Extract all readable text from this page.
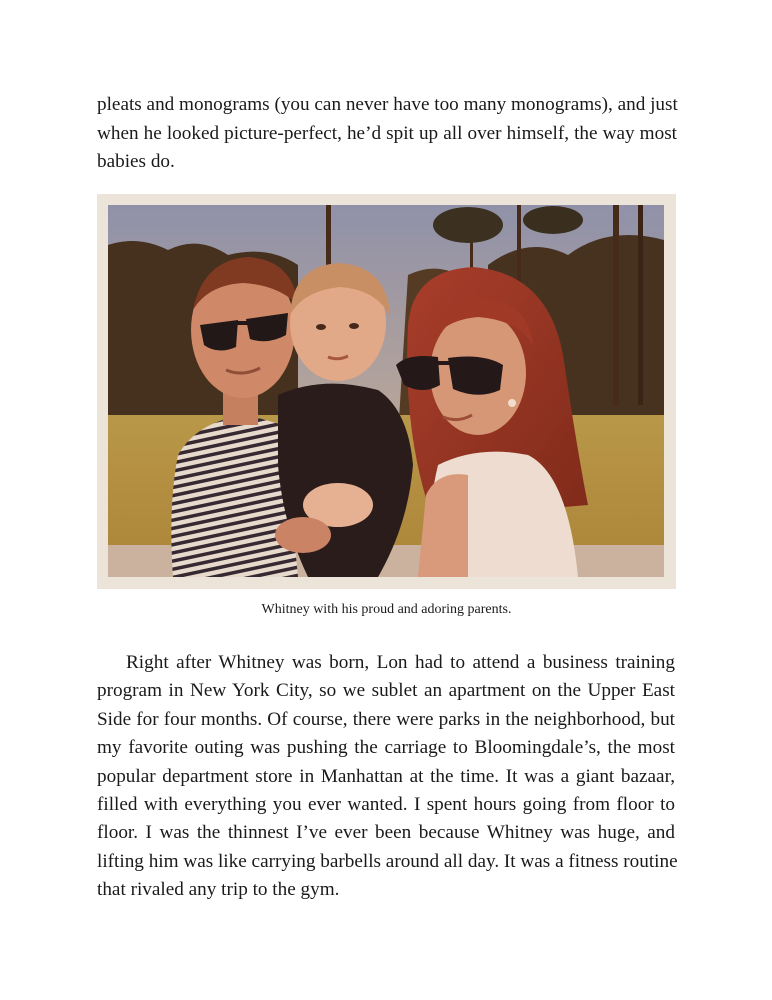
pleats and monograms (you can never have too many monograms), and just
when he looked picture-perfect, he’d spit up all over himself, the way most
babies do.

Whitney with his proud and adoring parents.

Right after Whitney was born, Lon had to attend a business training
program in New York City, so we sublet an apartment on the Upper East
Side for four months. Of course, there were parks in the neighborhood, but
my favorite outing was pushing the carriage to Bloomingdale’s, the most
popular department store in Manhattan at the time. It was a giant bazaar,
filled with everything you ever wanted. I spent hours going from floor to
floor. I was the thinnest I’ve ever been because Whitney was huge, and
lifting him was like carrying barbells around all day. It was a fitness routine
that rivaled any trip to the gym.
